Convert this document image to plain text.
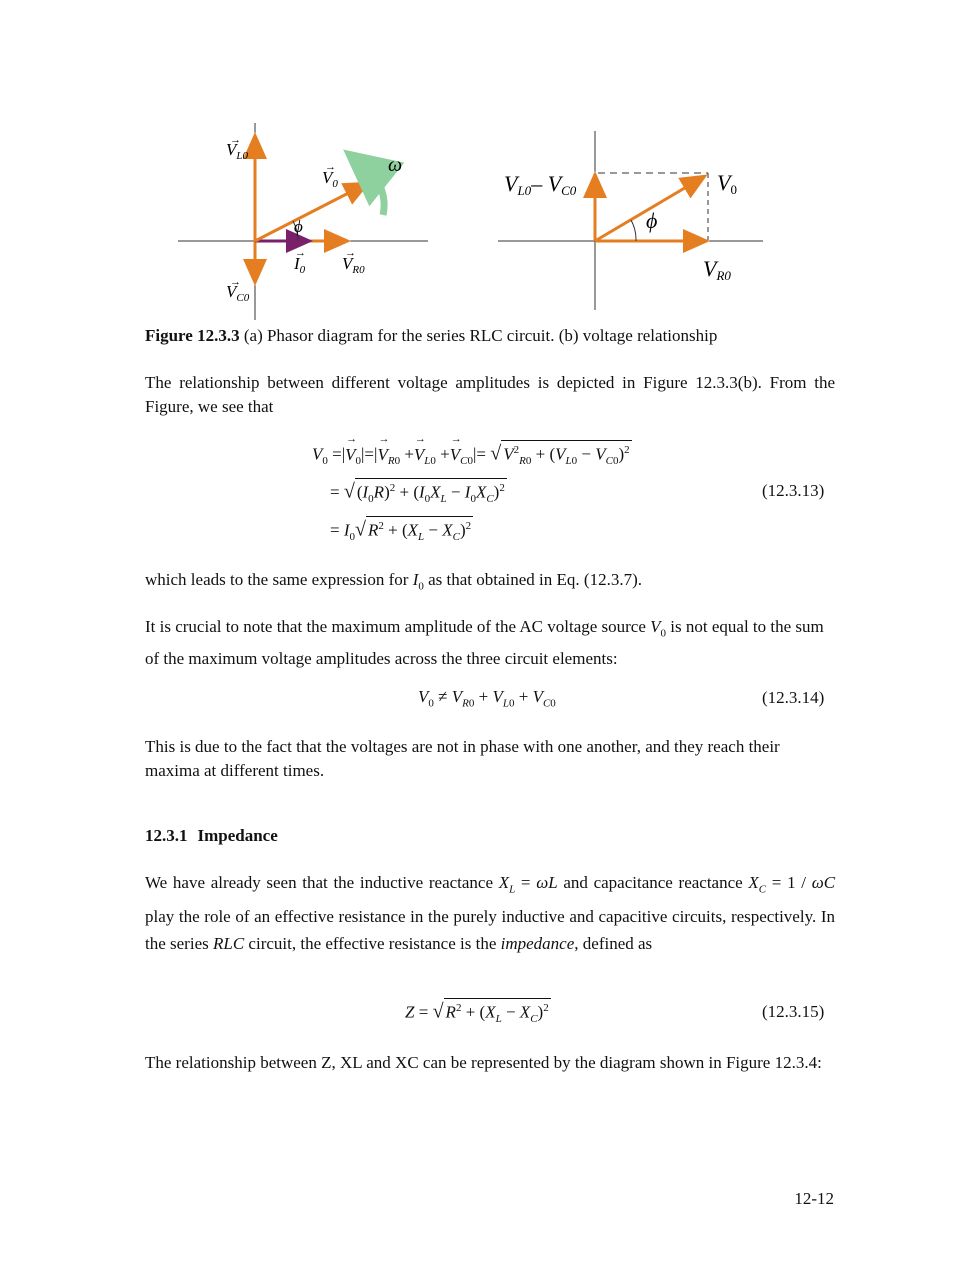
$V_{L0}$
→
$V_0$
→	ω
ϕ
$I_0$
→
$V_{R0}$
→
$V_{C0}$
→
VL0– VC0	V0
ϕ
VR0
Figure 12.3.3 (a) Phasor diagram for the series RLC circuit. (b) voltage relationship
The relationship between different voltage amplitudes is depicted in Figure 12.3.3(b). From the Figure, we see that
$V_0$ =|→ $V_0|=|\to V_{R0} +\to V_{L0} +\to V_{C0}|=$ √ $V^2_{R0} + (V_{L0} - V_{C0})^2$
= √ $(I_0R)^2 + (I_0X_L - I_0X_C)^2$
= $I_0√$ $R^2 + (X_L - X_C)^2$
(12.3.13)
which leads to the same expression for $I_0$ as that obtained in Eq. (12.3.7).
It is crucial to note that the maximum amplitude of the AC voltage source $V_0$ is not equal to the sum of the maximum voltage amplitudes across the three circuit elements:
$V_0 \ne V_{R0} + V_{L0} + V_{C0}$	(12.3.14)
This is due to the fact that the voltages are not in phase with one another, and they reach their maxima at different times.
12.3.1 Impedance
We have already seen that the inductive reactance $X_L = \omega L$ and capacitance reactance $X_C = 1 / \omega C$ play the role of an effective resistance in the purely inductive and capacitive circuits, respectively. In the series RLC circuit, the effective resistance is the impedance, defined as
Z = √ $R^2 + (X_L - X_C)^2$	(12.3.15)
The relationship between Z, XL and XC can be represented by the diagram shown in Figure 12.3.4:
12-12
